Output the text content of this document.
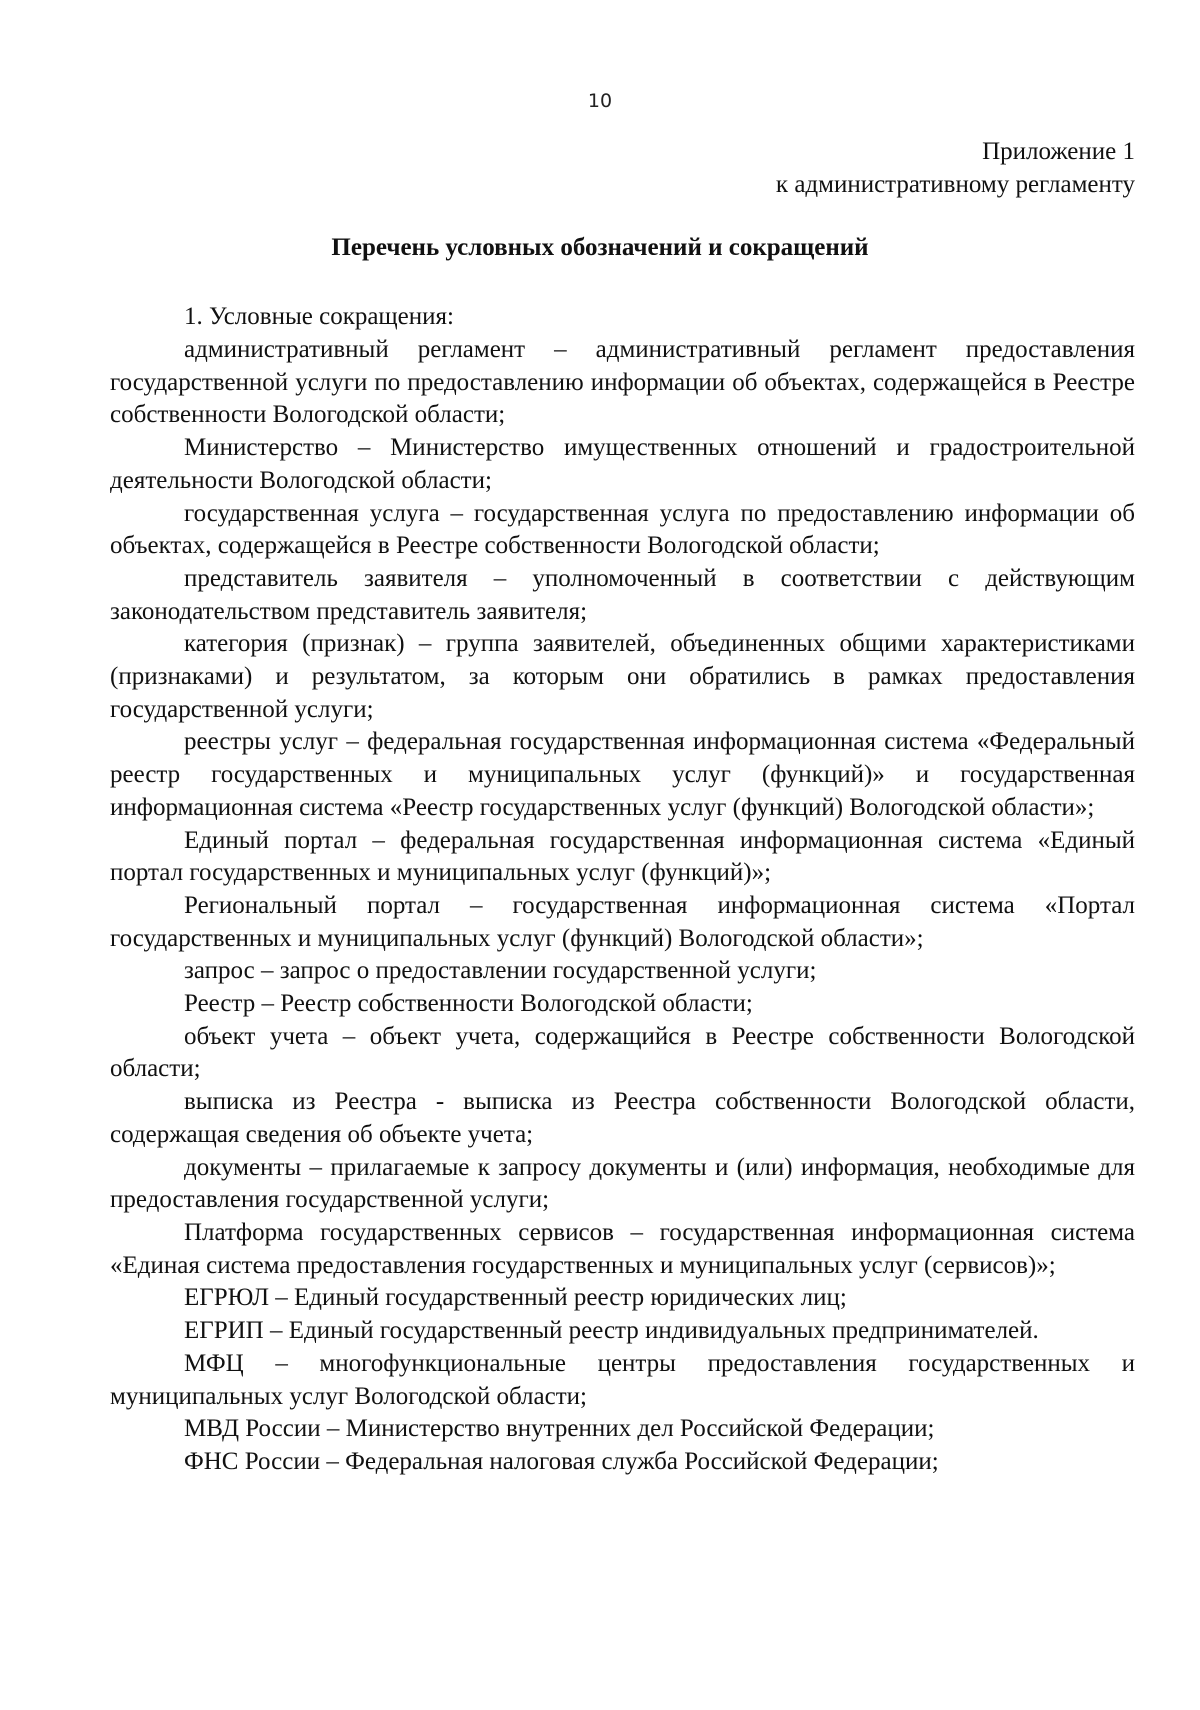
10
Приложение 1
к административному регламенту
Перечень условных обозначений и сокращений
1. Условные сокращения:

административный регламент – административный регламент предоставления государственной услуги по предоставлению информации об объектах, содержащейся в Реестре собственности Вологодской области;

Министерство – Министерство имущественных отношений и градостроительной деятельности Вологодской области;

государственная услуга – государственная услуга по предоставлению информации об объектах, содержащейся в Реестре собственности Вологодской области;

представитель заявителя – уполномоченный в соответствии с действующим законодательством представитель заявителя;

категория (признак) – группа заявителей, объединенных общими характеристиками (признаками) и результатом, за которым они обратились в рамках предоставления государственной услуги;

реестры услуг – федеральная государственная информационная система «Федеральный реестр государственных и муниципальных услуг (функций)» и государственная информационная система «Реестр государственных услуг (функций) Вологодской области»;

Единый портал – федеральная государственная информационная система «Единый портал государственных и муниципальных услуг (функций)»;

Региональный портал – государственная информационная система «Портал государственных и муниципальных услуг (функций) Вологодской области»;

запрос – запрос о предоставлении государственной услуги;

Реестр – Реестр собственности Вологодской области;

объект учета – объект учета, содержащийся в Реестре собственности Вологодской области;

выписка из Реестра - выписка из Реестра собственности Вологодской области, содержащая сведения об объекте учета;

документы – прилагаемые к запросу документы и (или) информация, необходимые для предоставления государственной услуги;

Платформа государственных сервисов – государственная информационная система «Единая система предоставления государственных и муниципальных услуг (сервисов)»;

ЕГРЮЛ – Единый государственный реестр юридических лиц;

ЕГРИП – Единый государственный реестр индивидуальных предпринимателей.

МФЦ – многофункциональные центры предоставления государственных и муниципальных услуг Вологодской области;

МВД России – Министерство внутренних дел Российской Федерации;

ФНС России – Федеральная налоговая служба Российской Федерации;
